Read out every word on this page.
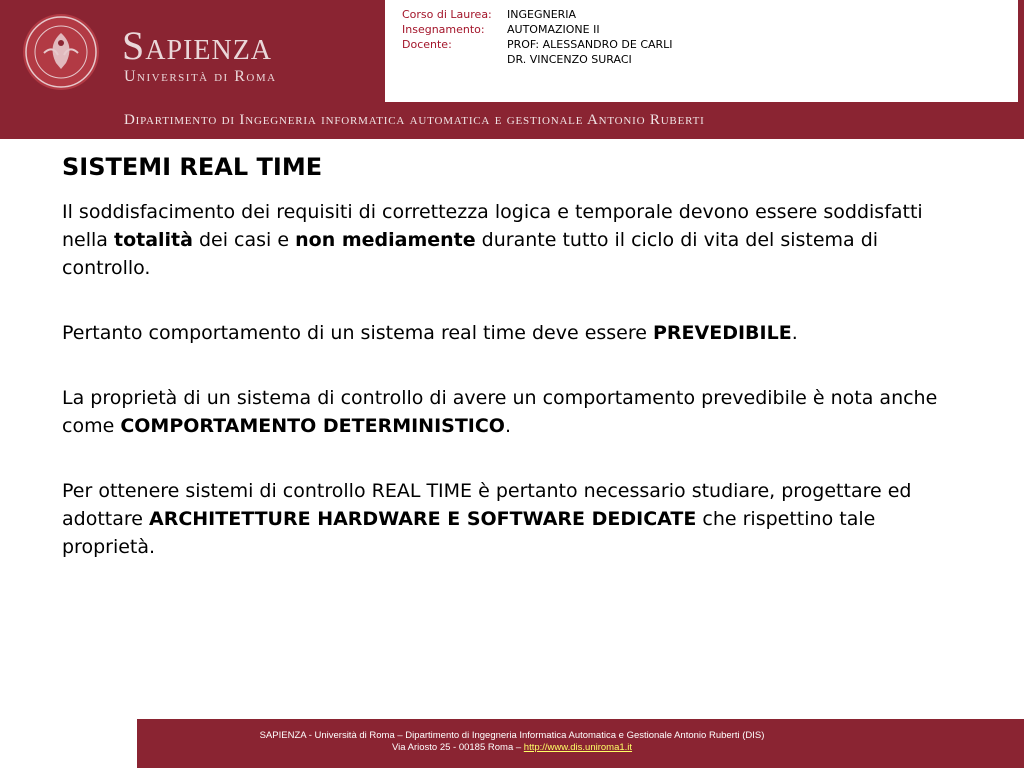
Sapienza
Università di Roma
Corso di Laurea:	INGEGNERIA
Insegnamento:	AUTOMAZIONE II
Docente:	PROF: ALESSANDRO DE CARLI
DR. VINCENZO SURACI
Dipartimento di Ingegneria informatica automatica e gestionale Antonio Ruberti
SISTEMI REAL TIME

Il soddisfacimento dei requisiti di correttezza logica e temporale devono essere soddisfatti nella totalità dei casi e non mediamente durante tutto il ciclo di vita del sistema di controllo.

Pertanto comportamento di un sistema real time deve essere PREVEDIBILE.

La proprietà di un sistema di controllo di avere un comportamento prevedibile è nota anche come COMPORTAMENTO DETERMINISTICO.

Per ottenere sistemi di controllo REAL TIME è pertanto necessario studiare, progettare ed adottare ARCHITETTURE HARDWARE E SOFTWARE DEDICATE che rispettino tale proprietà.

SAPIENZA - Università di Roma – Dipartimento di Ingegneria Informatica Automatica e Gestionale Antonio Ruberti (DIS)
Via Ariosto 25 - 00185 Roma – http://www.dis.uniroma1.it
